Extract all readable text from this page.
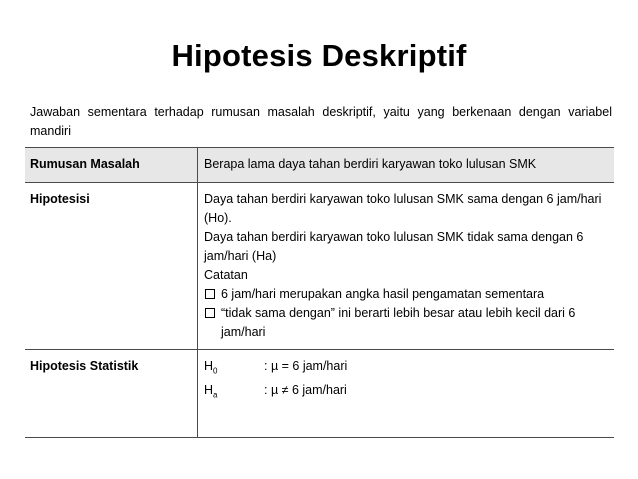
Hipotesis Deskriptif
Jawaban sementara terhadap rumusan masalah deskriptif, yaitu yang berkenaan dengan variabel mandiri
Rumusan Masalah	Berapa lama daya tahan berdiri karyawan toko lulusan SMK
Hipotesisi	Daya tahan berdiri karyawan toko lulusan SMK sama dengan 6 jam/hari (Ho).
Daya tahan berdiri karyawan toko lulusan SMK tidak sama dengan 6 jam/hari (Ha)
Catatan
6 jam/hari merupakan angka hasil pengamatan sementara
“tidak sama dengan” ini berarti lebih besar atau lebih kecil dari 6 jam/hari

Hipotesis Statistik	$H_0$ : µ = 6 jam/hari
$H_a$ : µ ≠ 6 jam/hari
